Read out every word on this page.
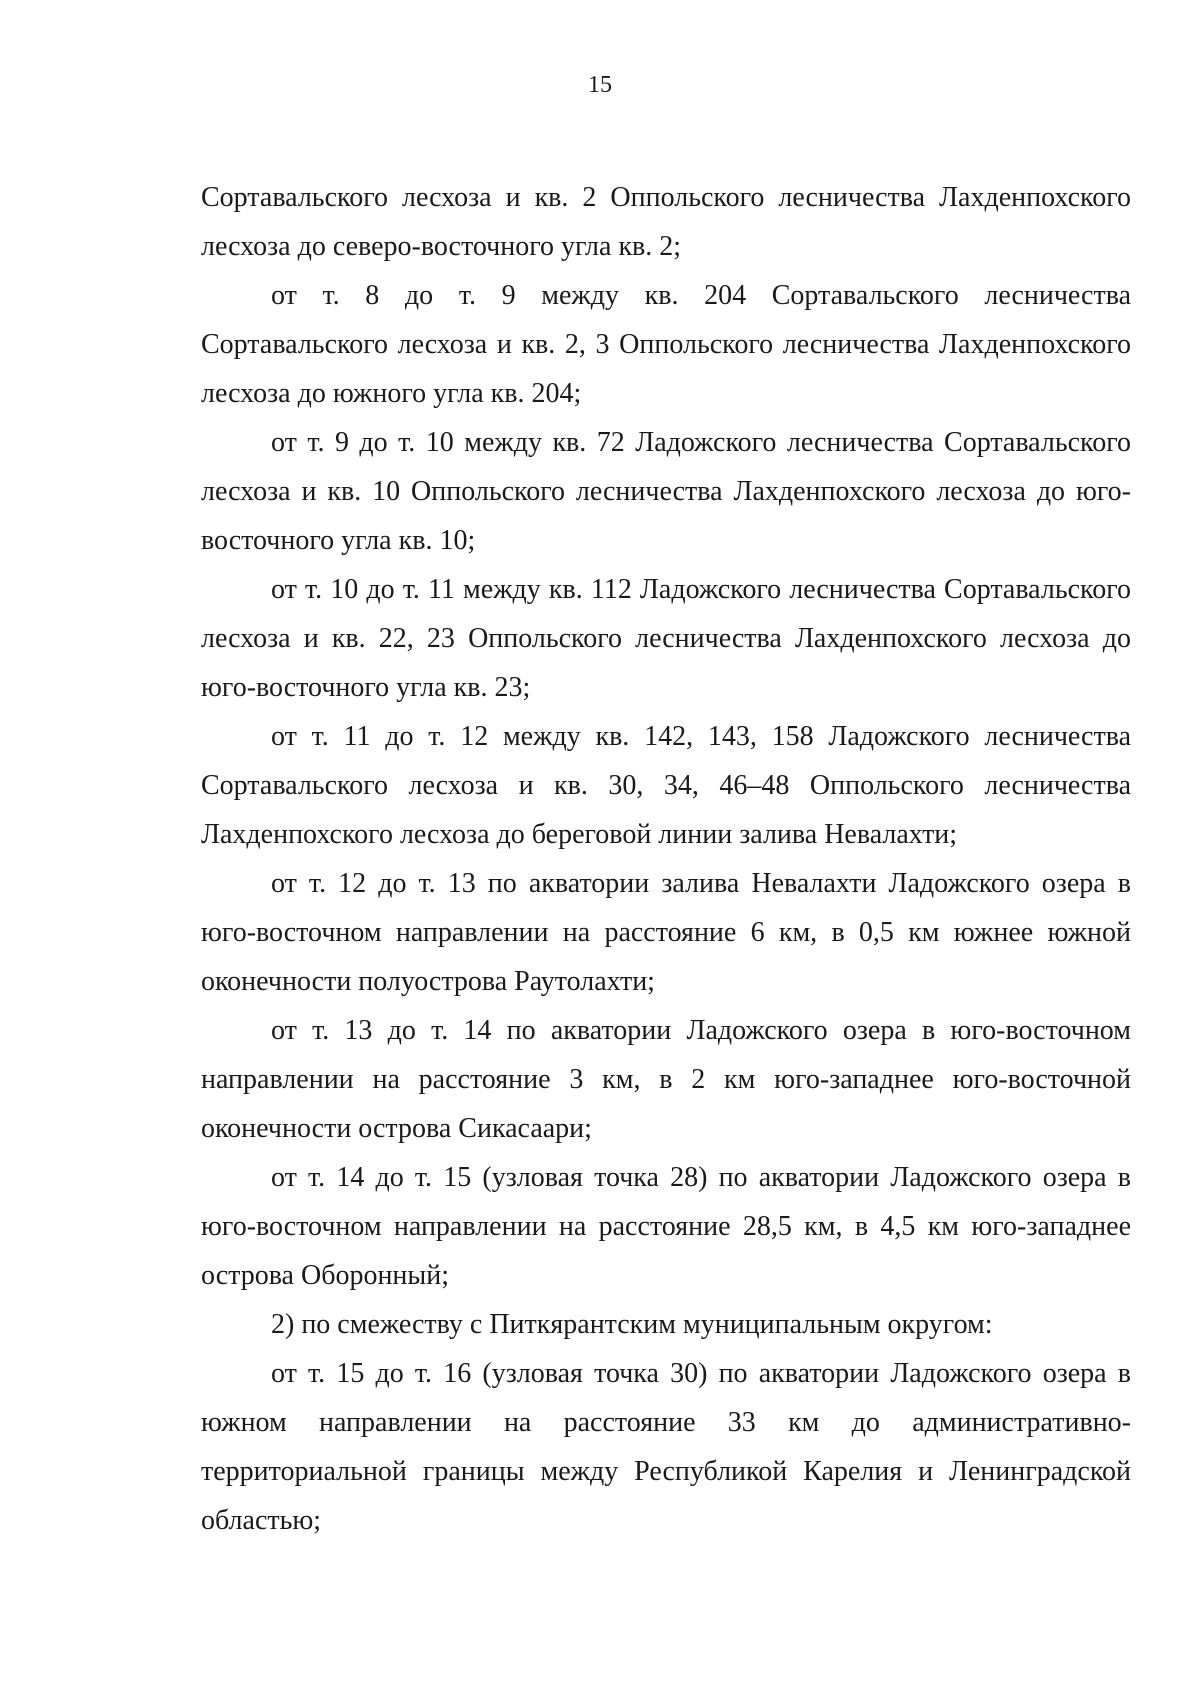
15

Сортавальского лесхоза и кв. 2 Оппольского лесничества Лахденпохского лесхоза до северо-восточного угла кв. 2;

от т. 8 до т. 9 между кв. 204 Сортавальского лесничества Сортавальского лесхоза и кв. 2, 3 Оппольского лесничества Лахденпохского лесхоза до южного угла кв. 204;

от т. 9 до т. 10 между кв. 72 Ладожского лесничества Сортавальского лесхоза и кв. 10 Оппольского лесничества Лахденпохского лесхоза до юго-восточного угла кв. 10;

от т. 10 до т. 11 между кв. 112 Ладожского лесничества Сортавальского лесхоза и кв. 22, 23 Оппольского лесничества Лахденпохского лесхоза до юго-восточного угла кв. 23;

от т. 11 до т. 12 между кв. 142, 143, 158 Ладожского лесничества Сортавальского лесхоза и кв. 30, 34, 46–48 Оппольского лесничества Лахденпохского лесхоза до береговой линии залива Невалахти;

от т. 12 до т. 13 по акватории залива Невалахти Ладожского озера в юго-восточном направлении на расстояние 6 км, в 0,5 км южнее южной оконечности полуострова Раутолахти;

от т. 13 до т. 14 по акватории Ладожского озера в юго-восточном направлении на расстояние 3 км, в 2 км юго-западнее юго-восточной оконечности острова Сикасаари;

от т. 14 до т. 15 (узловая точка 28) по акватории Ладожского озера в юго-восточном направлении на расстояние 28,5 км, в 4,5 км юго-западнее острова Оборонный;

2) по смежеству с Питкярантским муниципальным округом:

от т. 15 до т. 16 (узловая точка 30) по акватории Ладожского озера в южном направлении на расстояние 33 км до административно-территориальной границы между Республикой Карелия и Ленинградской областью;
